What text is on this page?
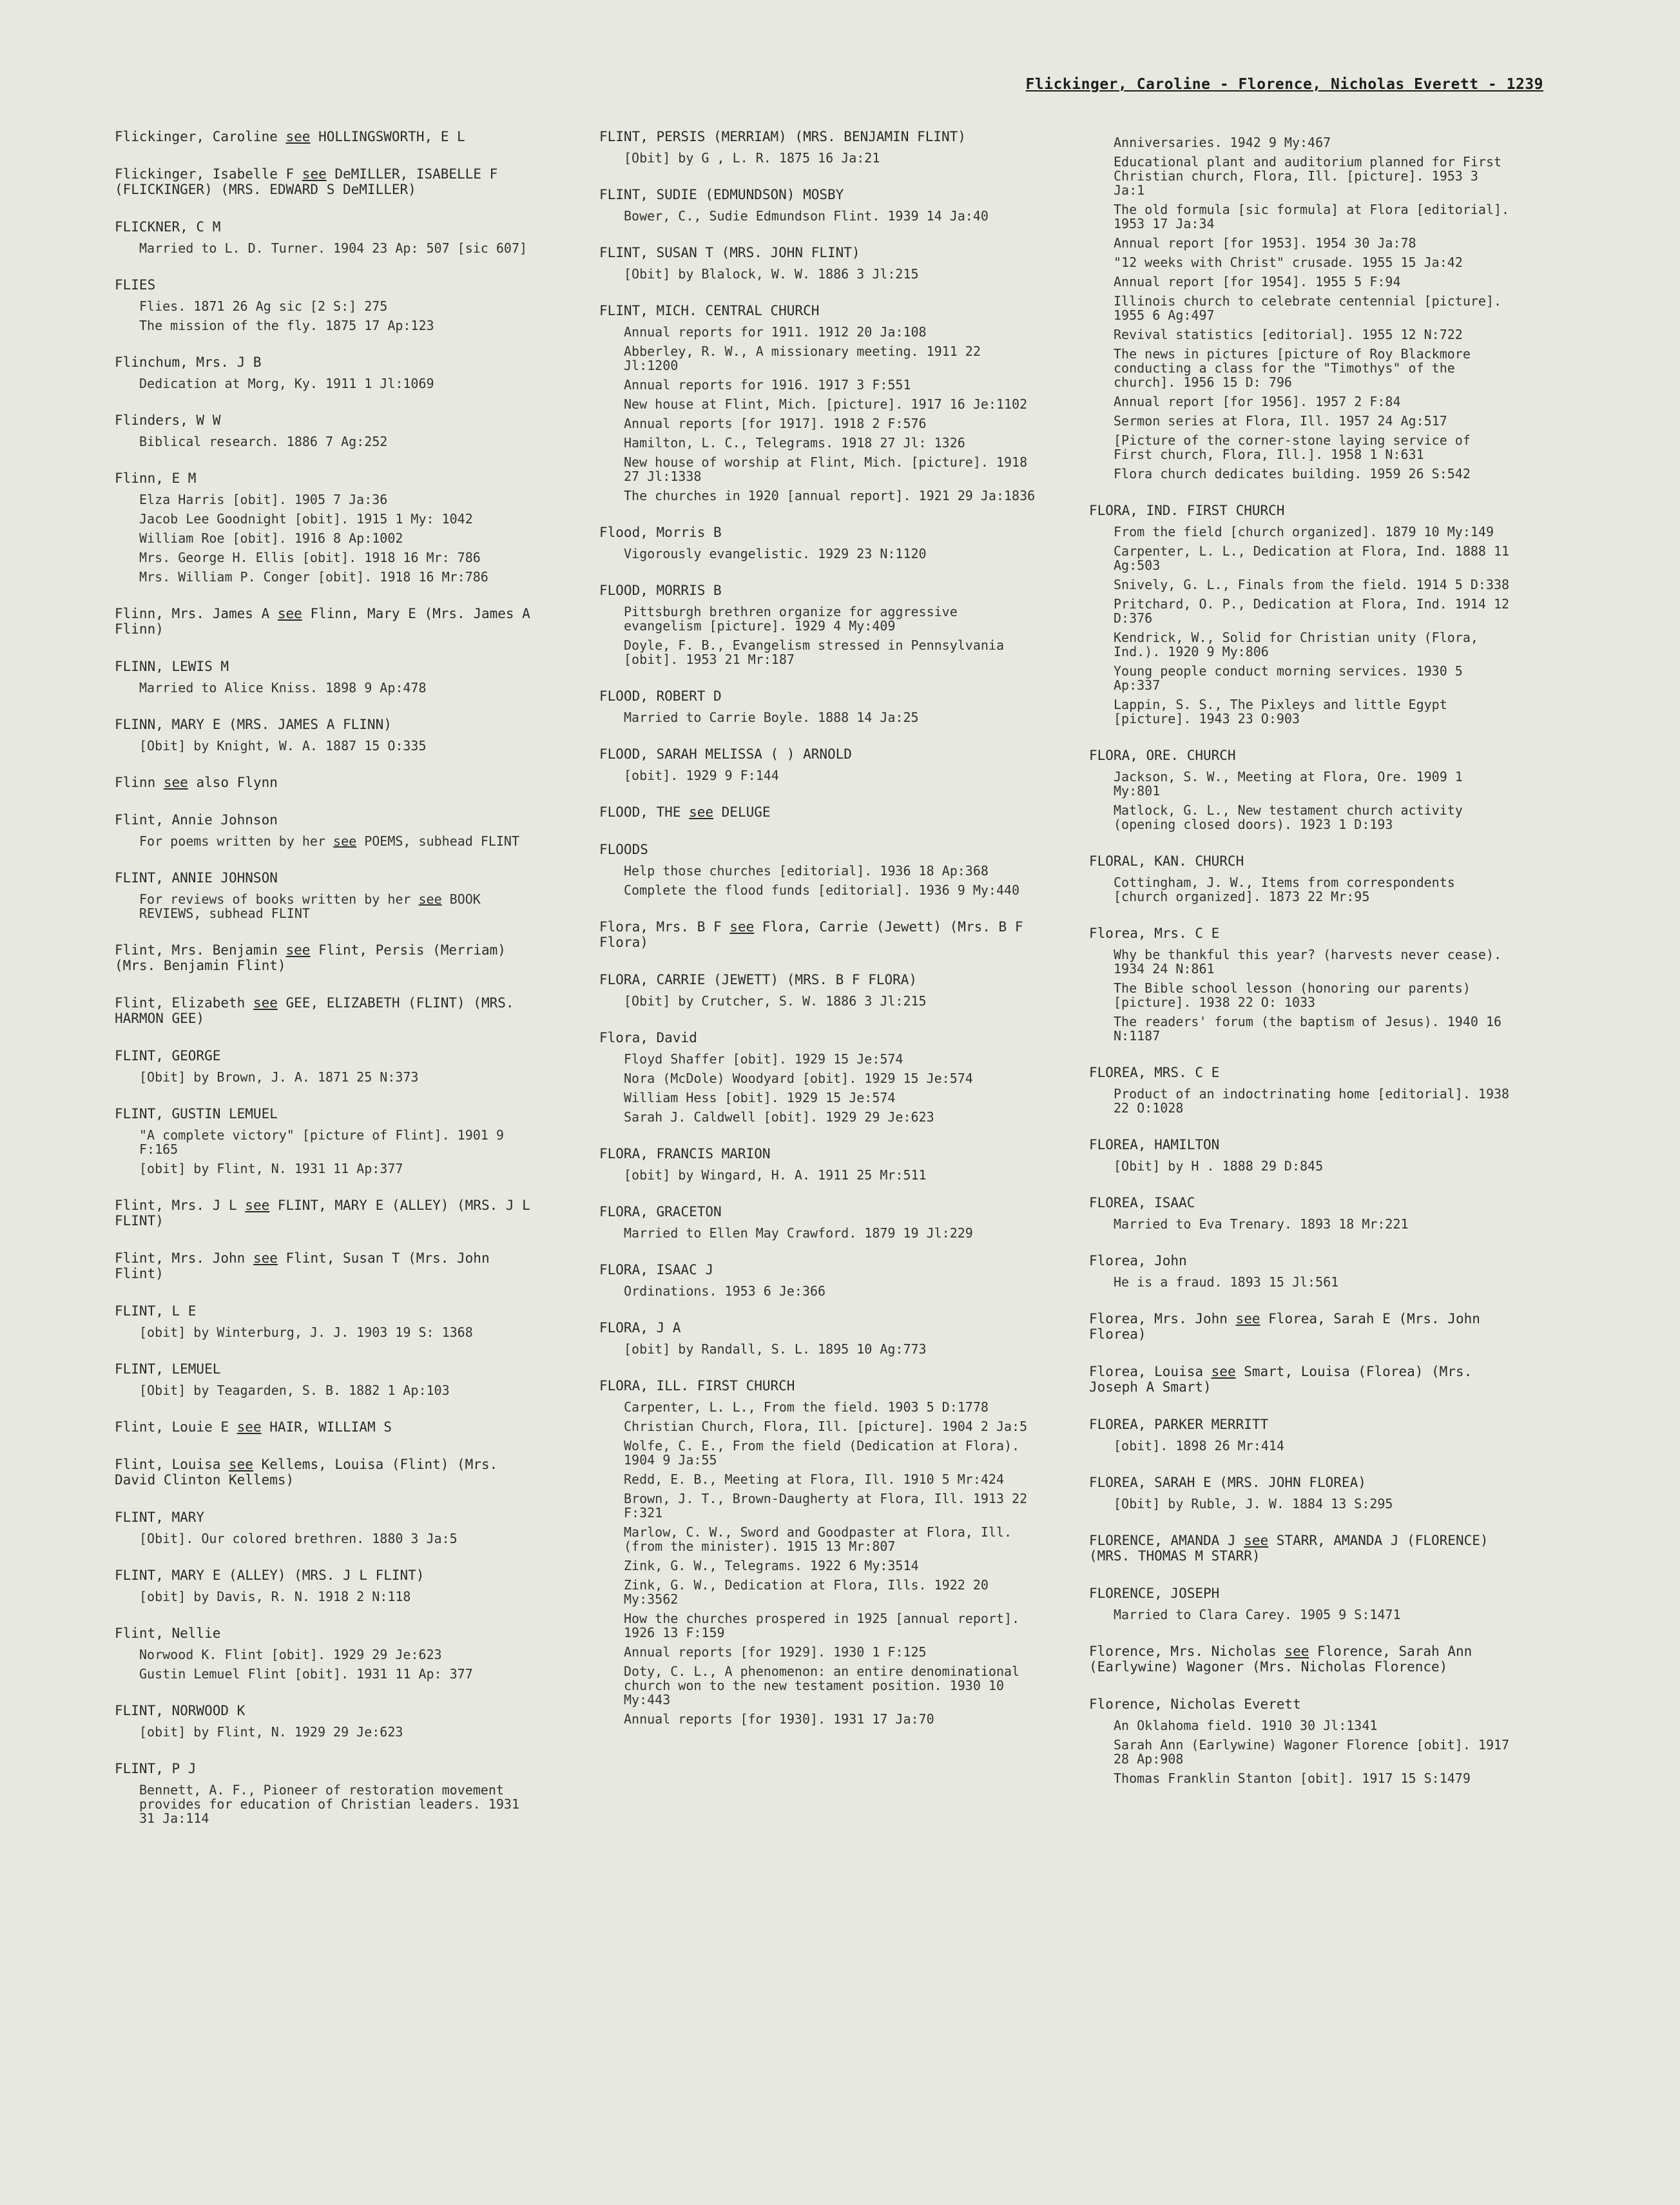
Flickinger, Caroline - Florence, Nicholas Everett - 1239
Flickinger, Caroline see HOLLINGSWORTH, E L
Flickinger, Isabelle F see DeMILLER, ISABELLE F (FLICKINGER) (MRS. EDWARD S DeMILLER)
FLICKNER, C M
Married to L. D. Turner. 1904 23 Ap: 507 [sic 607]
FLIES
Flies. 1871 26 Ag sic [2 S:] 275
The mission of the fly. 1875 17 Ap:123
Flinchum, Mrs. J B
Dedication at Morg, Ky. 1911 1 Jl:1069
Flinders, W W
Biblical research. 1886 7 Ag:252
Flinn, E M
Elza Harris [obit]. 1905 7 Ja:36
Jacob Lee Goodnight [obit]. 1915 1 My: 1042
William Roe [obit]. 1916 8 Ap:1002
Mrs. George H. Ellis [obit]. 1918 16 Mr: 786
Mrs. William P. Conger [obit]. 1918 16 Mr:786
Flinn, Mrs. James A see Flinn, Mary E (Mrs. James A Flinn)
FLINN, LEWIS M
Married to Alice Kniss. 1898 9 Ap:478
FLINN, MARY E (MRS. JAMES A FLINN)
[Obit] by Knight, W. A. 1887 15 O:335
Flinn see also Flynn
Flint, Annie Johnson
For poems written by her see POEMS, subhead FLINT
FLINT, ANNIE JOHNSON
For reviews of books written by her see BOOK REVIEWS, subhead FLINT
Flint, Mrs. Benjamin see Flint, Persis (Merriam) (Mrs. Benjamin Flint)
Flint, Elizabeth see GEE, ELIZABETH (FLINT) (MRS. HARMON GEE)
FLINT, GEORGE
[Obit] by Brown, J. A. 1871 25 N:373
FLINT, GUSTIN LEMUEL
"A complete victory" [picture of Flint]. 1901 9 F:165
[obit] by Flint, N. 1931 11 Ap:377
Flint, Mrs. J L see FLINT, MARY E (ALLEY) (MRS. J L FLINT)
Flint, Mrs. John see Flint, Susan T (Mrs. John Flint)
FLINT, L E
[obit] by Winterburg, J. J. 1903 19 S: 1368
FLINT, LEMUEL
[Obit] by Teagarden, S. B. 1882 1 Ap:103
Flint, Louie E see HAIR, WILLIAM S
Flint, Louisa see Kellems, Louisa (Flint) (Mrs. David Clinton Kellems)
FLINT, MARY
[Obit]. Our colored brethren. 1880 3 Ja:5
FLINT, MARY E (ALLEY) (MRS. J L FLINT)
[obit] by Davis, R. N. 1918 2 N:118
Flint, Nellie
Norwood K. Flint [obit]. 1929 29 Je:623
Gustin Lemuel Flint [obit]. 1931 11 Ap: 377
FLINT, NORWOOD K
[obit] by Flint, N. 1929 29 Je:623
FLINT, P J
Bennett, A. F., Pioneer of restoration movement provides for education of Christian leaders. 1931 31 Ja:114
FLINT, PERSIS (MERRIAM) (MRS. BENJAMIN FLINT)
[Obit] by G , L. R. 1875 16 Ja:21
FLINT, SUDIE (EDMUNDSON) MOSBY
Bower, C., Sudie Edmundson Flint. 1939 14 Ja:40
FLINT, SUSAN T (MRS. JOHN FLINT)
[Obit] by Blalock, W. W. 1886 3 Jl:215
FLINT, MICH. CENTRAL CHURCH
Annual reports for 1911. 1912 20 Ja:108
Abberley, R. W., A missionary meeting. 1911 22 Jl:1200
Annual reports for 1916. 1917 3 F:551
New house at Flint, Mich. [picture]. 1917 16 Je:1102
Annual reports [for 1917]. 1918 2 F:576
Hamilton, L. C., Telegrams. 1918 27 Jl: 1326
New house of worship at Flint, Mich. [picture]. 1918 27 Jl:1338
The churches in 1920 [annual report]. 1921 29 Ja:1836
Flood, Morris B
Vigorously evangelistic. 1929 23 N:1120
FLOOD, MORRIS B
Pittsburgh brethren organize for aggressive evangelism [picture]. 1929 4 My:409
Doyle, F. B., Evangelism stressed in Pennsylvania [obit]. 1953 21 Mr:187
FLOOD, ROBERT D
Married to Carrie Boyle. 1888 14 Ja:25
FLOOD, SARAH MELISSA ( ) ARNOLD
[obit]. 1929 9 F:144
FLOOD, THE see DELUGE
FLOODS
Help those churches [editorial]. 1936 18 Ap:368
Complete the flood funds [editorial]. 1936 9 My:440
Flora, Mrs. B F see Flora, Carrie (Jewett) (Mrs. B F Flora)
FLORA, CARRIE (JEWETT) (MRS. B F FLORA)
[Obit] by Crutcher, S. W. 1886 3 Jl:215
Flora, David
Floyd Shaffer [obit]. 1929 15 Je:574
Nora (McDole) Woodyard [obit]. 1929 15 Je:574
William Hess [obit]. 1929 15 Je:574
Sarah J. Caldwell [obit]. 1929 29 Je:623
FLORA, FRANCIS MARION
[obit] by Wingard, H. A. 1911 25 Mr:511
FLORA, GRACETON
Married to Ellen May Crawford. 1879 19 Jl:229
FLORA, ISAAC J
Ordinations. 1953 6 Je:366
FLORA, J A
[obit] by Randall, S. L. 1895 10 Ag:773
FLORA, ILL. FIRST CHURCH
Carpenter, L. L., From the field. 1903 5 D:1778
Christian Church, Flora, Ill. [picture]. 1904 2 Ja:5
Wolfe, C. E., From the field (Dedication at Flora). 1904 9 Ja:55
Redd, E. B., Meeting at Flora, Ill. 1910 5 Mr:424
Brown, J. T., Brown-Daugherty at Flora, Ill. 1913 22 F:321
Marlow, C. W., Sword and Goodpaster at Flora, Ill. (from the minister). 1915 13 Mr:807
Zink, G. W., Telegrams. 1922 6 My:3514
Zink, G. W., Dedication at Flora, Ills. 1922 20 My:3562
How the churches prospered in 1925 [annual report]. 1926 13 F:159
Annual reports [for 1929]. 1930 1 F:125
Doty, C. L., A phenomenon: an entire denominational church won to the new testament position. 1930 10 My:443
Annual reports [for 1930]. 1931 17 Ja:70
Anniversaries. 1942 9 My:467
Educational plant and auditorium planned for First Christian church, Flora, Ill. [picture]. 1953 3 Ja:1
The old formula [sic formula] at Flora [editorial]. 1953 17 Ja:34
Annual report [for 1953]. 1954 30 Ja:78
"12 weeks with Christ" crusade. 1955 15 Ja:42
Annual report [for 1954]. 1955 5 F:94
Illinois church to celebrate centennial [picture]. 1955 6 Ag:497
Revival statistics [editorial]. 1955 12 N:722
The news in pictures [picture of Roy Blackmore conducting a class for the "Timothys" of the church]. 1956 15 D: 796
Annual report [for 1956]. 1957 2 F:84
Sermon series at Flora, Ill. 1957 24 Ag:517
[Picture of the corner-stone laying service of First church, Flora, Ill.]. 1958 1 N:631
Flora church dedicates building. 1959 26 S:542
FLORA, IND. FIRST CHURCH
From the field [church organized]. 1879 10 My:149
Carpenter, L. L., Dedication at Flora, Ind. 1888 11 Ag:503
Snively, G. L., Finals from the field. 1914 5 D:338
Pritchard, O. P., Dedication at Flora, Ind. 1914 12 D:376
Kendrick, W., Solid for Christian unity (Flora, Ind.). 1920 9 My:806
Young people conduct morning services. 1930 5 Ap:337
Lappin, S. S., The Pixleys and little Egypt [picture]. 1943 23 O:903
FLORA, ORE. CHURCH
Jackson, S. W., Meeting at Flora, Ore. 1909 1 My:801
Matlock, G. L., New testament church activity (opening closed doors). 1923 1 D:193
FLORAL, KAN. CHURCH
Cottingham, J. W., Items from correspondents [church organized]. 1873 22 Mr:95
Florea, Mrs. C E
Why be thankful this year? (harvests never cease). 1934 24 N:861
The Bible school lesson (honoring our parents) [picture]. 1938 22 O: 1033
The readers' forum (the baptism of Jesus). 1940 16 N:1187
FLOREA, MRS. C E
Product of an indoctrinating home [editorial]. 1938 22 O:1028
FLOREA, HAMILTON
[Obit] by H . 1888 29 D:845
FLOREA, ISAAC
Married to Eva Trenary. 1893 18 Mr:221
Florea, John
He is a fraud. 1893 15 Jl:561
Florea, Mrs. John see Florea, Sarah E (Mrs. John Florea)
Florea, Louisa see Smart, Louisa (Florea) (Mrs. Joseph A Smart)
FLOREA, PARKER MERRITT
[obit]. 1898 26 Mr:414
FLOREA, SARAH E (MRS. JOHN FLOREA)
[Obit] by Ruble, J. W. 1884 13 S:295
FLORENCE, AMANDA J see STARR, AMANDA J (FLORENCE) (MRS. THOMAS M STARR)
FLORENCE, JOSEPH
Married to Clara Carey. 1905 9 S:1471
Florence, Mrs. Nicholas see Florence, Sarah Ann (Earlywine) Wagoner (Mrs. Nicholas Florence)
Florence, Nicholas Everett
An Oklahoma field. 1910 30 Jl:1341
Sarah Ann (Earlywine) Wagoner Florence [obit]. 1917 28 Ap:908
Thomas Franklin Stanton [obit]. 1917 15 S:1479
